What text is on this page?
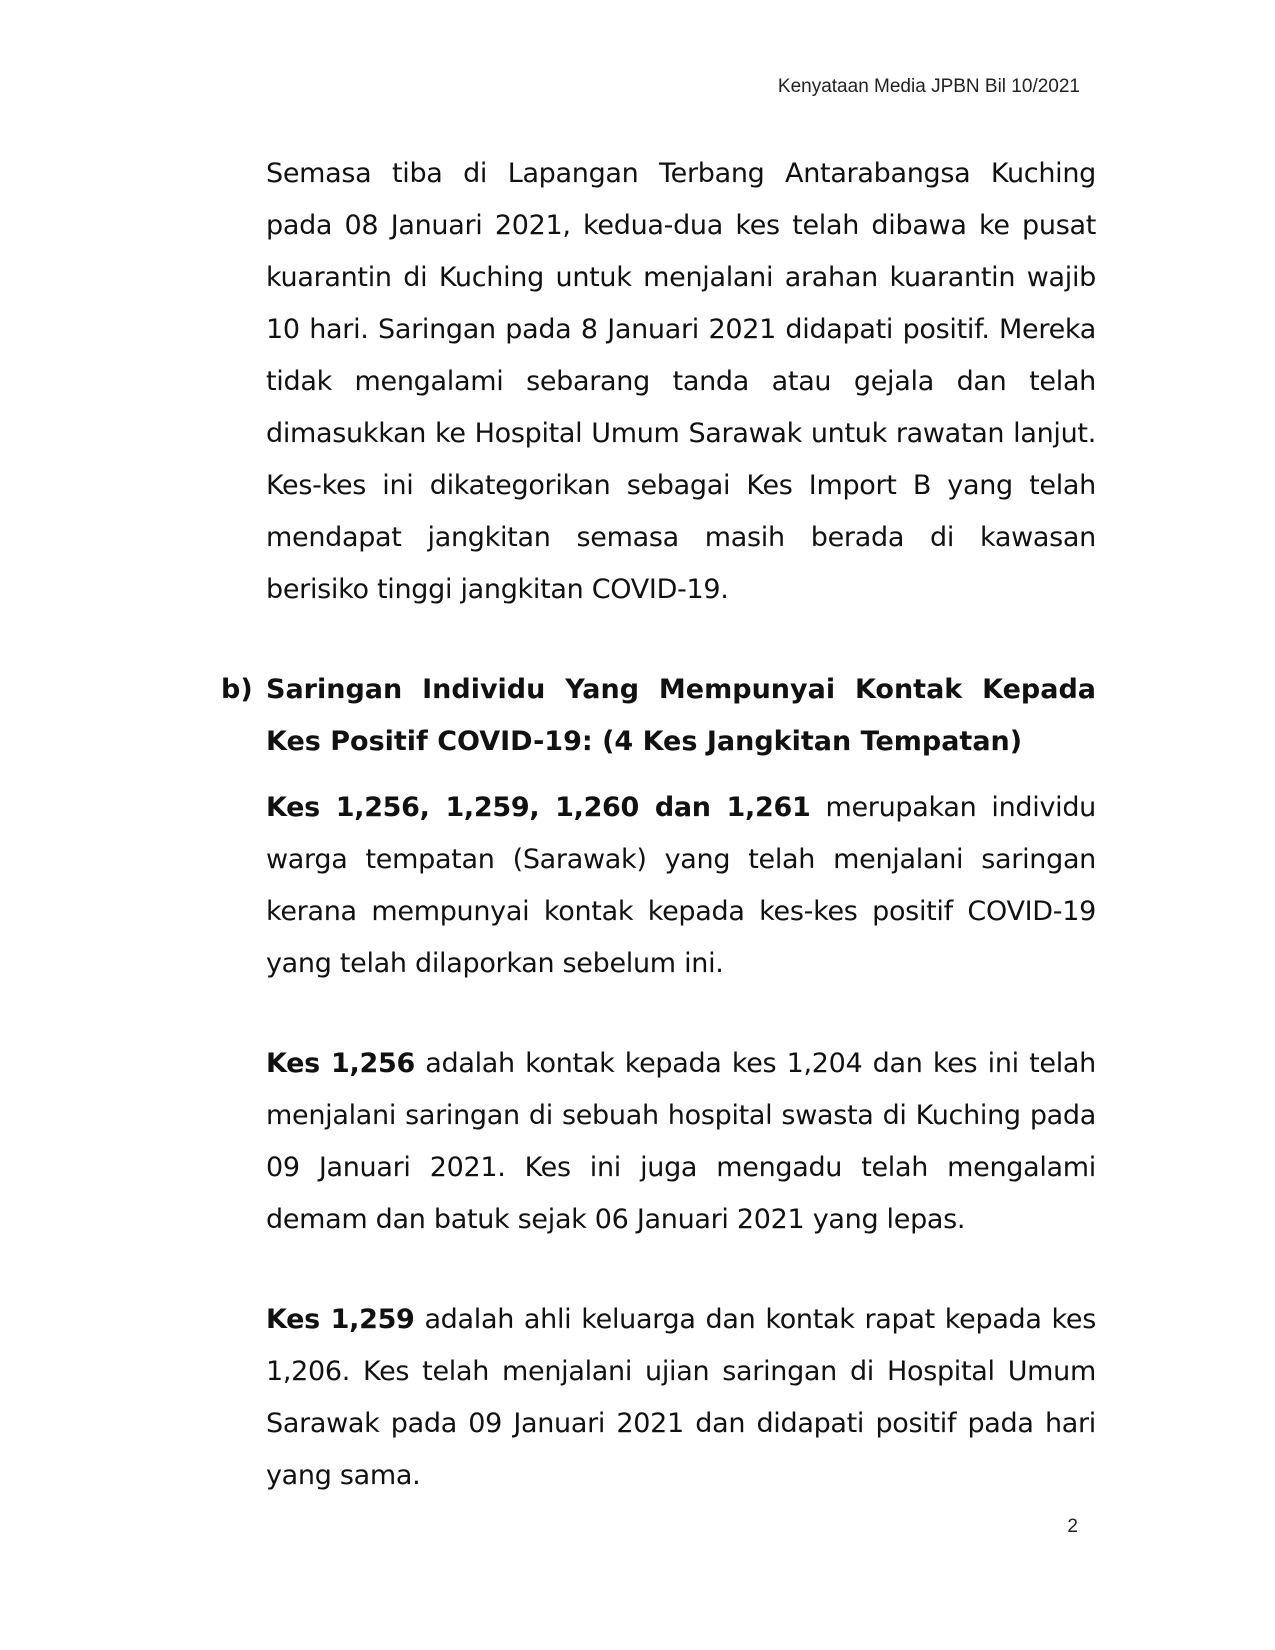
Kenyataan Media JPBN Bil 10/2021

Semasa tiba di Lapangan Terbang Antarabangsa Kuching pada 08 Januari 2021, kedua-dua kes telah dibawa ke pusat kuarantin di Kuching untuk menjalani arahan kuarantin wajib 10 hari. Saringan pada 8 Januari 2021 didapati positif. Mereka tidak mengalami sebarang tanda atau gejala dan telah dimasukkan ke Hospital Umum Sarawak untuk rawatan lanjut. Kes-kes ini dikategorikan sebagai Kes Import B yang telah mendapat jangkitan semasa masih berada di kawasan berisiko tinggi jangkitan COVID-19.

b) Saringan Individu Yang Mempunyai Kontak Kepada Kes Positif COVID-19: (4 Kes Jangkitan Tempatan)

Kes 1,256, 1,259, 1,260 dan 1,261 merupakan individu warga tempatan (Sarawak) yang telah menjalani saringan kerana mempunyai kontak kepada kes-kes positif COVID-19 yang telah dilaporkan sebelum ini.

Kes 1,256 adalah kontak kepada kes 1,204 dan kes ini telah menjalani saringan di sebuah hospital swasta di Kuching pada 09 Januari 2021. Kes ini juga mengadu telah mengalami demam dan batuk sejak 06 Januari 2021 yang lepas.

Kes 1,259 adalah ahli keluarga dan kontak rapat kepada kes 1,206. Kes telah menjalani ujian saringan di Hospital Umum Sarawak pada 09 Januari 2021 dan didapati positif pada hari yang sama.

2
